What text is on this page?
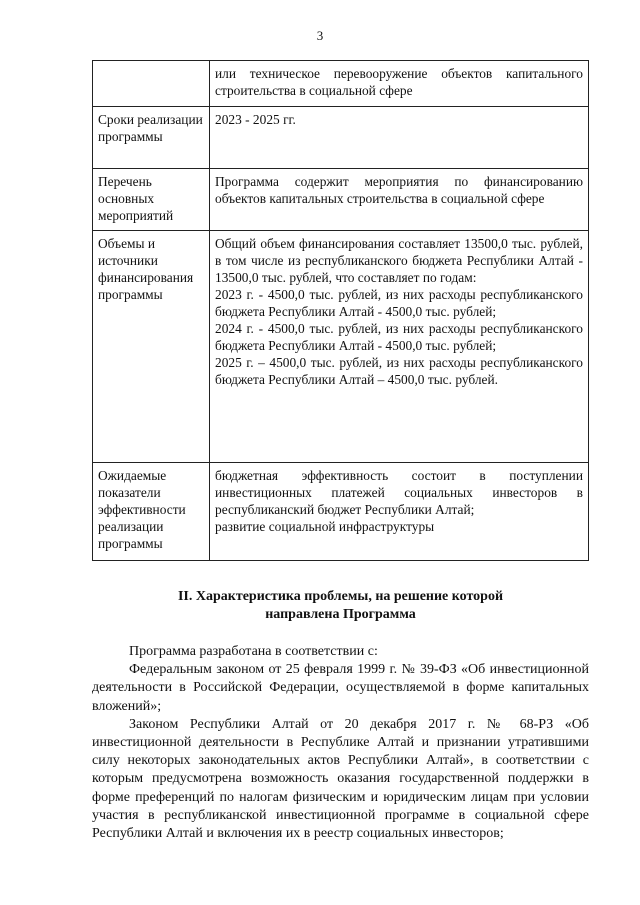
3

	или техническое перевооружение объектов капитального строительства в социальной сфере

Сроки реализации программы	2023 - 2025 гг.

Перечень основных мероприятий	Программа содержит мероприятия по финансированию объектов капитальных строительства в социальной сфере

Объемы и источники финансирования программы	Общий объем финансирования составляет 13500,0 тыс. рублей, в том числе из республиканского бюджета Республики Алтай - 13500,0 тыс. рублей, что составляет по годам:
2023 г. - 4500,0 тыс. рублей, из них расходы республиканского бюджета Республики Алтай - 4500,0 тыс. рублей;
2024 г. - 4500,0 тыс. рублей, из них расходы республиканского бюджета Республики Алтай - 4500,0 тыс. рублей;
2025 г. – 4500,0 тыс. рублей, из них расходы республиканского бюджета Республики Алтай – 4500,0 тыс. рублей.

Ожидаемые показатели эффективности реализации программы	бюджетная эффективность состоит в поступлении инвестиционных платежей социальных инвесторов в республиканский бюджет Республики Алтай;
развитие социальной инфраструктуры
II. Характеристика проблемы, на решение которой
направлена Программа

Программа разработана в соответствии с:

Федеральным законом от 25 февраля 1999 г. № 39-ФЗ «Об инвестиционной деятельности в Российской Федерации, осуществляемой в форме капитальных вложений»;

Законом Республики Алтай от 20 декабря 2017 г. № 68-РЗ «Об инвестиционной деятельности в Республике Алтай и признании утратившими силу некоторых законодательных актов Республики Алтай», в соответствии с которым предусмотрена возможность оказания государственной поддержки в форме преференций по налогам физическим и юридическим лицам при условии участия в республиканской инвестиционной программе в социальной сфере Республики Алтай и включения их в реестр социальных инвесторов;
